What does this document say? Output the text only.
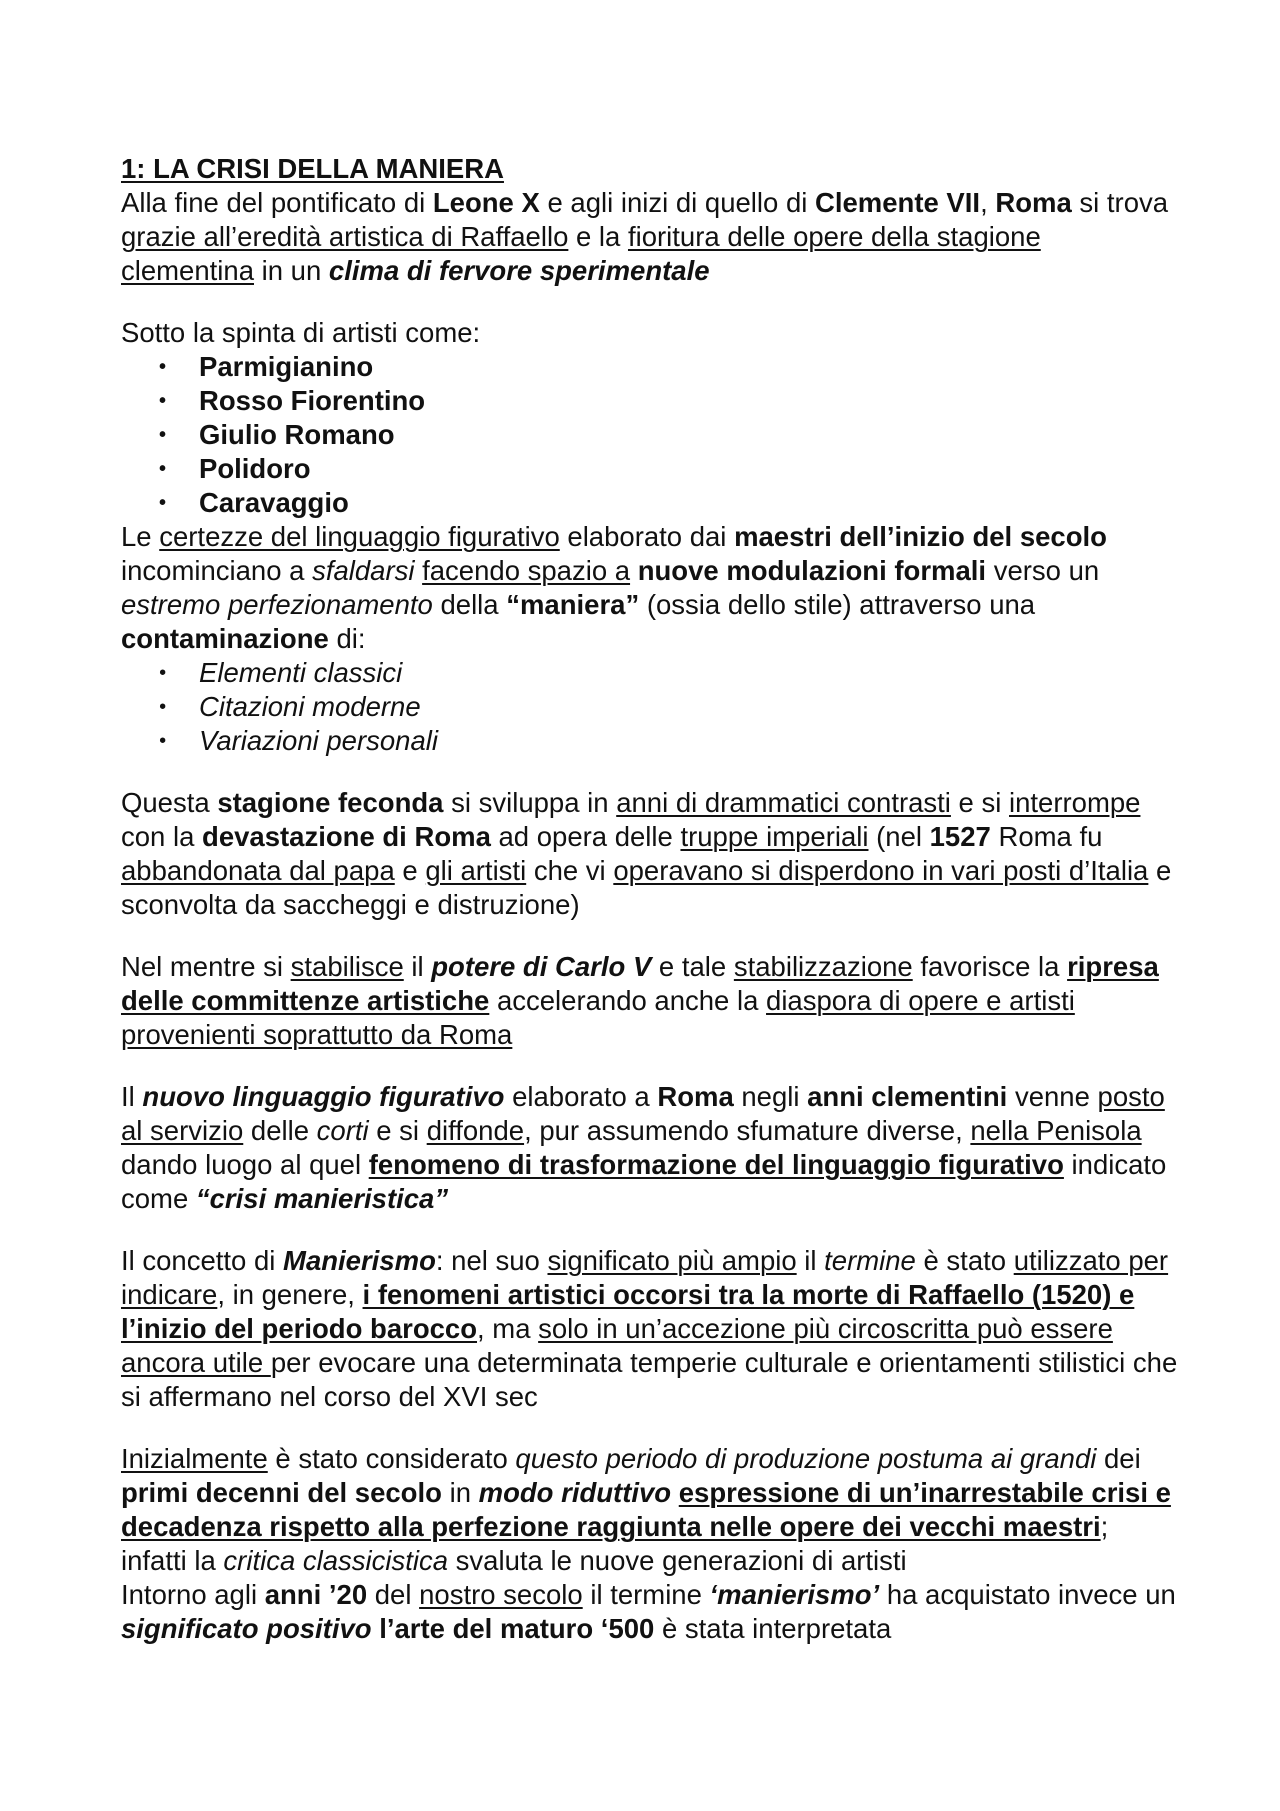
1: LA CRISI DELLA MANIERA

Alla fine del pontificato di Leone X e agli inizi di quello di Clemente VII, Roma si trova grazie all’eredità artistica di Raffaello e la fioritura delle opere della stagione clementina in un clima di fervore sperimentale

Sotto la spinta di artisti come:

• Parmigianino
• Rosso Fiorentino
• Giulio Romano
• Polidoro
• Caravaggio

Le certezze del linguaggio figurativo elaborato dai maestri dell’inizio del secolo incominciano a sfaldarsi facendo spazio a nuove modulazioni formali verso un estremo perfezionamento della “maniera” (ossia dello stile) attraverso una contaminazione di:

• Elementi classici
• Citazioni moderne
• Variazioni personali

Questa stagione feconda si sviluppa in anni di drammatici contrasti e si interrompe con la devastazione di Roma ad opera delle truppe imperiali (nel 1527 Roma fu abbandonata dal papa e gli artisti che vi operavano si disperdono in vari posti d’Italia e sconvolta da saccheggi e distruzione)

Nel mentre si stabilisce il potere di Carlo V e tale stabilizzazione favorisce la ripresa delle committenze artistiche accelerando anche la diaspora di opere e artisti provenienti soprattutto da Roma

Il nuovo linguaggio figurativo elaborato a Roma negli anni clementini venne posto al servizio delle corti e si diffonde, pur assumendo sfumature diverse, nella Penisola dando luogo al quel fenomeno di trasformazione del linguaggio figurativo indicato come “crisi manieristica”

Il concetto di Manierismo: nel suo significato più ampio il termine è stato utilizzato per indicare, in genere, i fenomeni artistici occorsi tra la morte di Raffaello (1520) e l’inizio del periodo barocco, ma solo in un’accezione più circoscritta può essere ancora utile per evocare una determinata temperie culturale e orientamenti stilistici che si affermano nel corso del XVI sec

Inizialmente è stato considerato questo periodo di produzione postuma ai grandi dei primi decenni del secolo in modo riduttivo espressione di un’inarrestabile crisi e decadenza rispetto alla perfezione raggiunta nelle opere dei vecchi maestri; infatti la critica classicistica svaluta le nuove generazioni di artisti

Intorno agli anni ’20 del nostro secolo il termine ‘manierismo’ ha acquistato invece un significato positivo l’arte del maturo ‘500 è stata interpretata
